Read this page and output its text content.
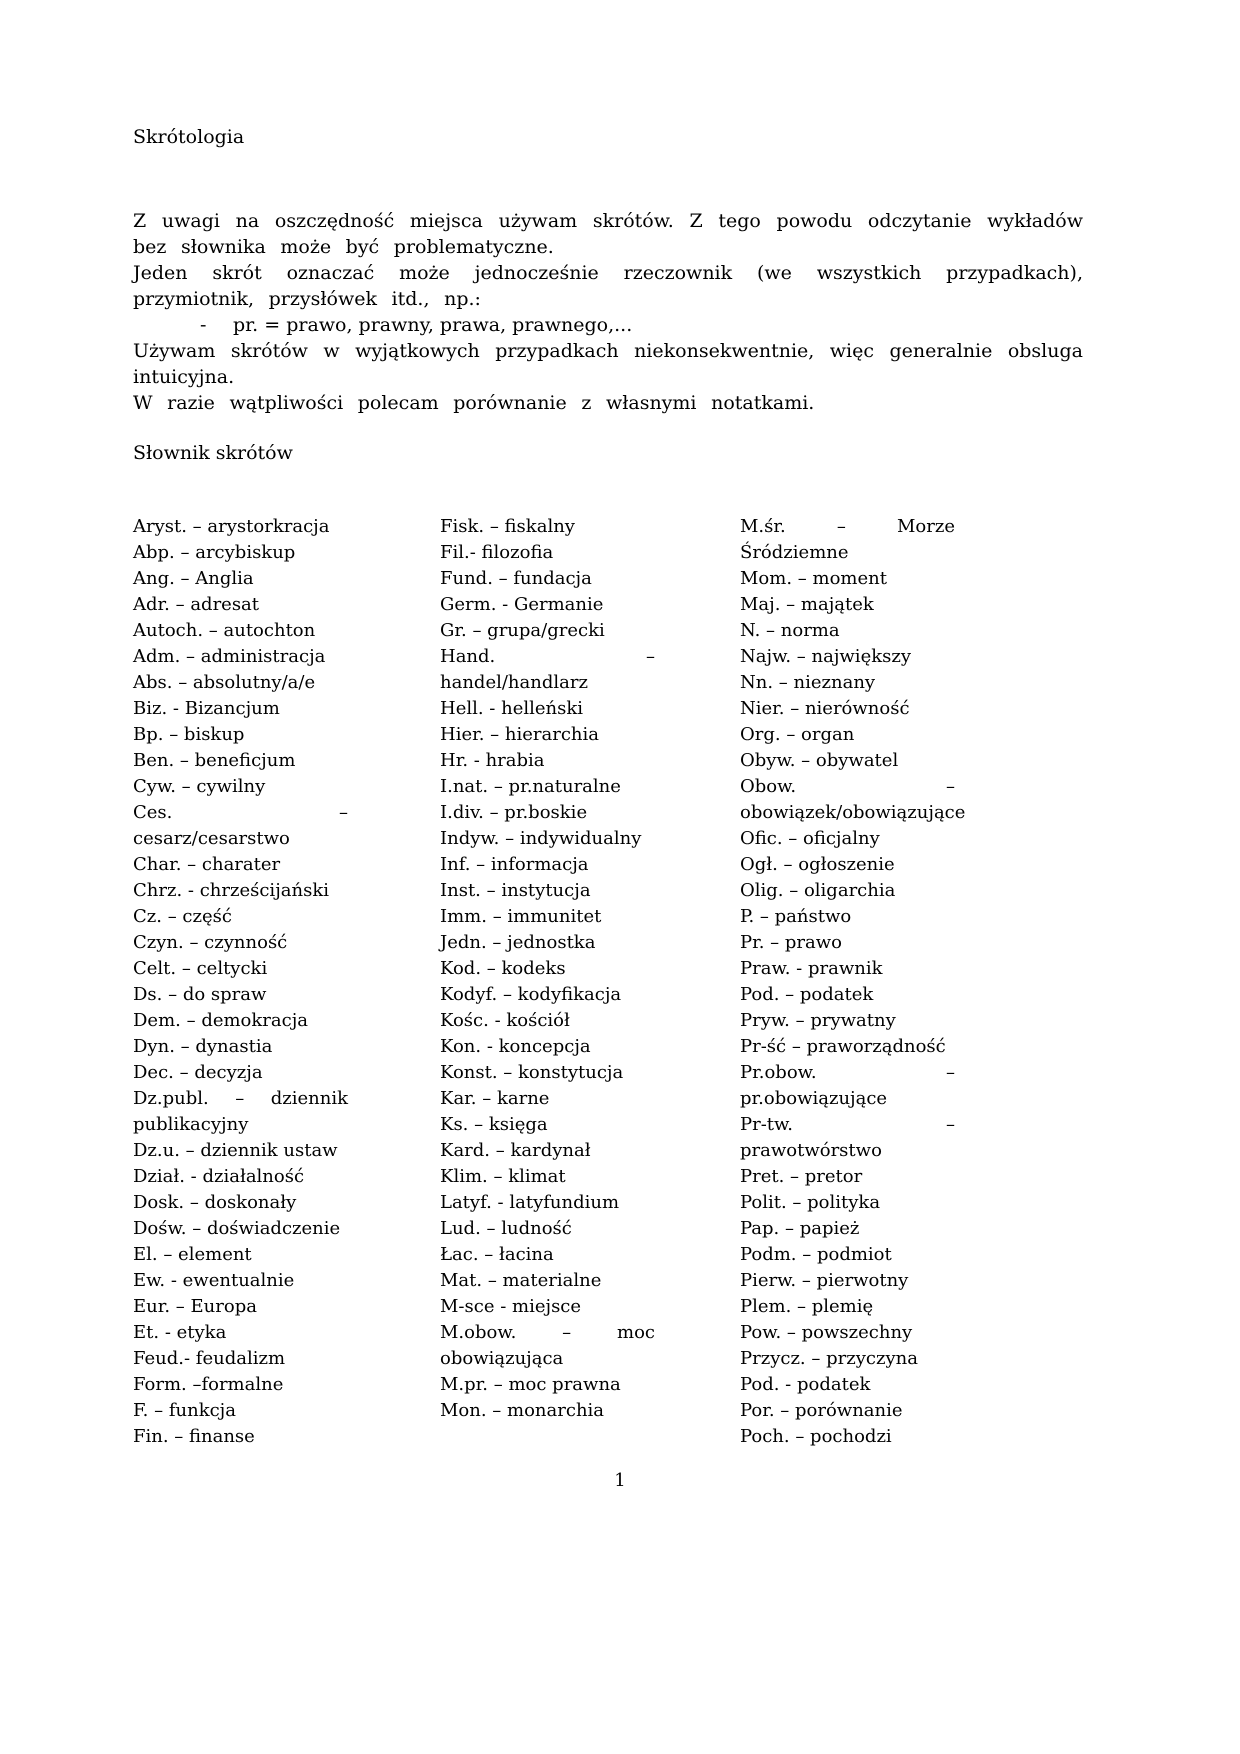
Skrótologia

Z uwagi na oszczędność miejsca używam skrótów. Z tego powodu odczytanie wykładów bez słownika może być problematyczne.

Jeden skrót oznaczać może jednocześnie rzeczownik (we wszystkich przypadkach), przymiotnik, przysłówek itd., np.:

-	pr. = prawo, prawny, prawa, prawnego,...

Używam skrótów w wyjątkowych przypadkach niekonsekwentnie, więc generalnie obsluga intuicyjna.

W razie wątpliwości polecam porównanie z własnymi notatkami.

Słownik skrótów
Aryst. – arystorkracja
Abp. – arcybiskup
Ang. – Anglia
Adr. – adresat
Autoch. – autochton
Adm. – administracja
Abs. – absolutny/a/e
Biz. - Bizancjum
Bp. – biskup
Ben. – beneficjum
Cyw. – cywilny
Ces. – cesarz/cesarstwo
Char. – charater
Chrz. - chrześcijański
Cz. – część
Czyn. – czynność
Celt. – celtycki
Ds. – do spraw
Dem. – demokracja
Dyn. – dynastia
Dec. – decyzja
Dz.publ. – dziennik publikacyjny
Dz.u. – dziennik ustaw
Dział. - działalność
Dosk. – doskonały
Dośw. – doświadczenie
El. – element
Ew. - ewentualnie
Eur. – Europa
Et. - etyka
Feud.- feudalizm
Form. –formalne
F. – funkcja
Fin. – finanse
Fisk. – fiskalny
Fil.- filozofia
Fund. – fundacja
Germ. - Germanie
Gr. – grupa/grecki
Hand. – handel/handlarz
Hell. - helleński
Hier. – hierarchia
Hr. - hrabia
I.nat. – pr.naturalne
I.div. – pr.boskie
Indyw. – indywidualny
Inf. – informacja
Inst. – instytucja
Imm. – immunitet
Jedn. – jednostka
Kod. – kodeks
Kodyf. – kodyfikacja
Kośc. - kościół
Kon. - koncepcja
Konst. – konstytucja
Kar. – karne
Ks. – księga
Kard. – kardynał
Klim. – klimat
Latyf. - latyfundium
Lud. – ludność
Łac. – łacina
Mat. – materialne
M-sce - miejsce
M.obow. – moc obowiązująca
M.pr. – moc prawna
Mon. – monarchia
M.śr. – Morze Śródziemne
Mom. – moment
Maj. – majątek
N. – norma
Najw. – największy
Nn. – nieznany
Nier. – nierówność
Org. – organ
Obyw. – obywatel
Obow. – obowiązek/obowiązujące
Ofic. – oficjalny
Ogł. – ogłoszenie
Olig. – oligarchia
P. – państwo
Pr. – prawo
Praw. - prawnik
Pod. – podatek
Pryw. – prywatny
Pr-ść – praworządność
Pr.obow. – pr.obowiązujące
Pr-tw. – prawotwórstwo
Pret. – pretor
Polit. – polityka
Pap. – papież
Podm. – podmiot
Pierw. – pierwotny
Plem. – plemię
Pow. – powszechny
Przycz. – przyczyna
Pod. - podatek
Por. – porównanie
Poch. – pochodzi
1
